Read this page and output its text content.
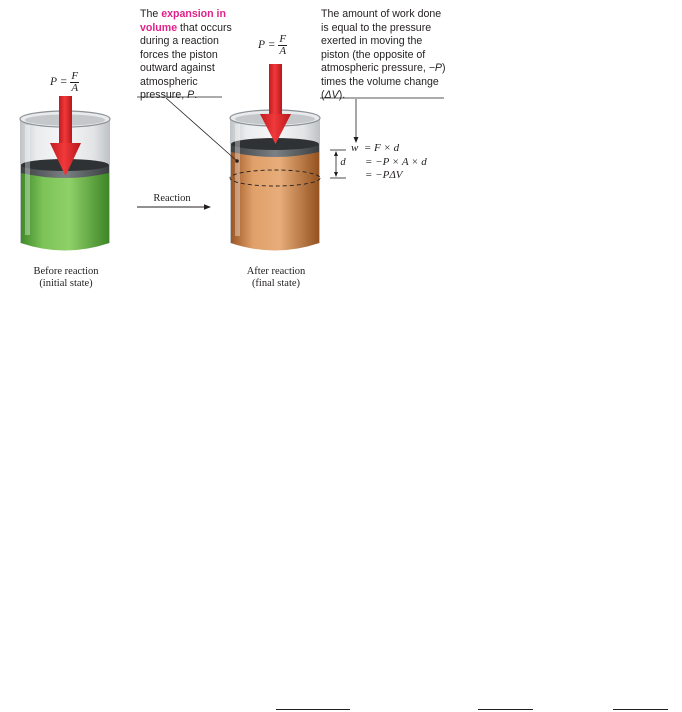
$P = \frac{F}{A}$
$P = \frac{F}{A}$
The expansion in volume that occurs during a reaction forces the piston outward against atmospheric pressure, P.
The amount of work done is equal to the pressure exerted in moving the piston (the opposite of atmospheric pressure, −P) times the volume change (ΔV).
w = F × d
= −P × A × d
= −PΔV
d
Reaction
Before reaction
(initial state)
After reaction
(final state)
